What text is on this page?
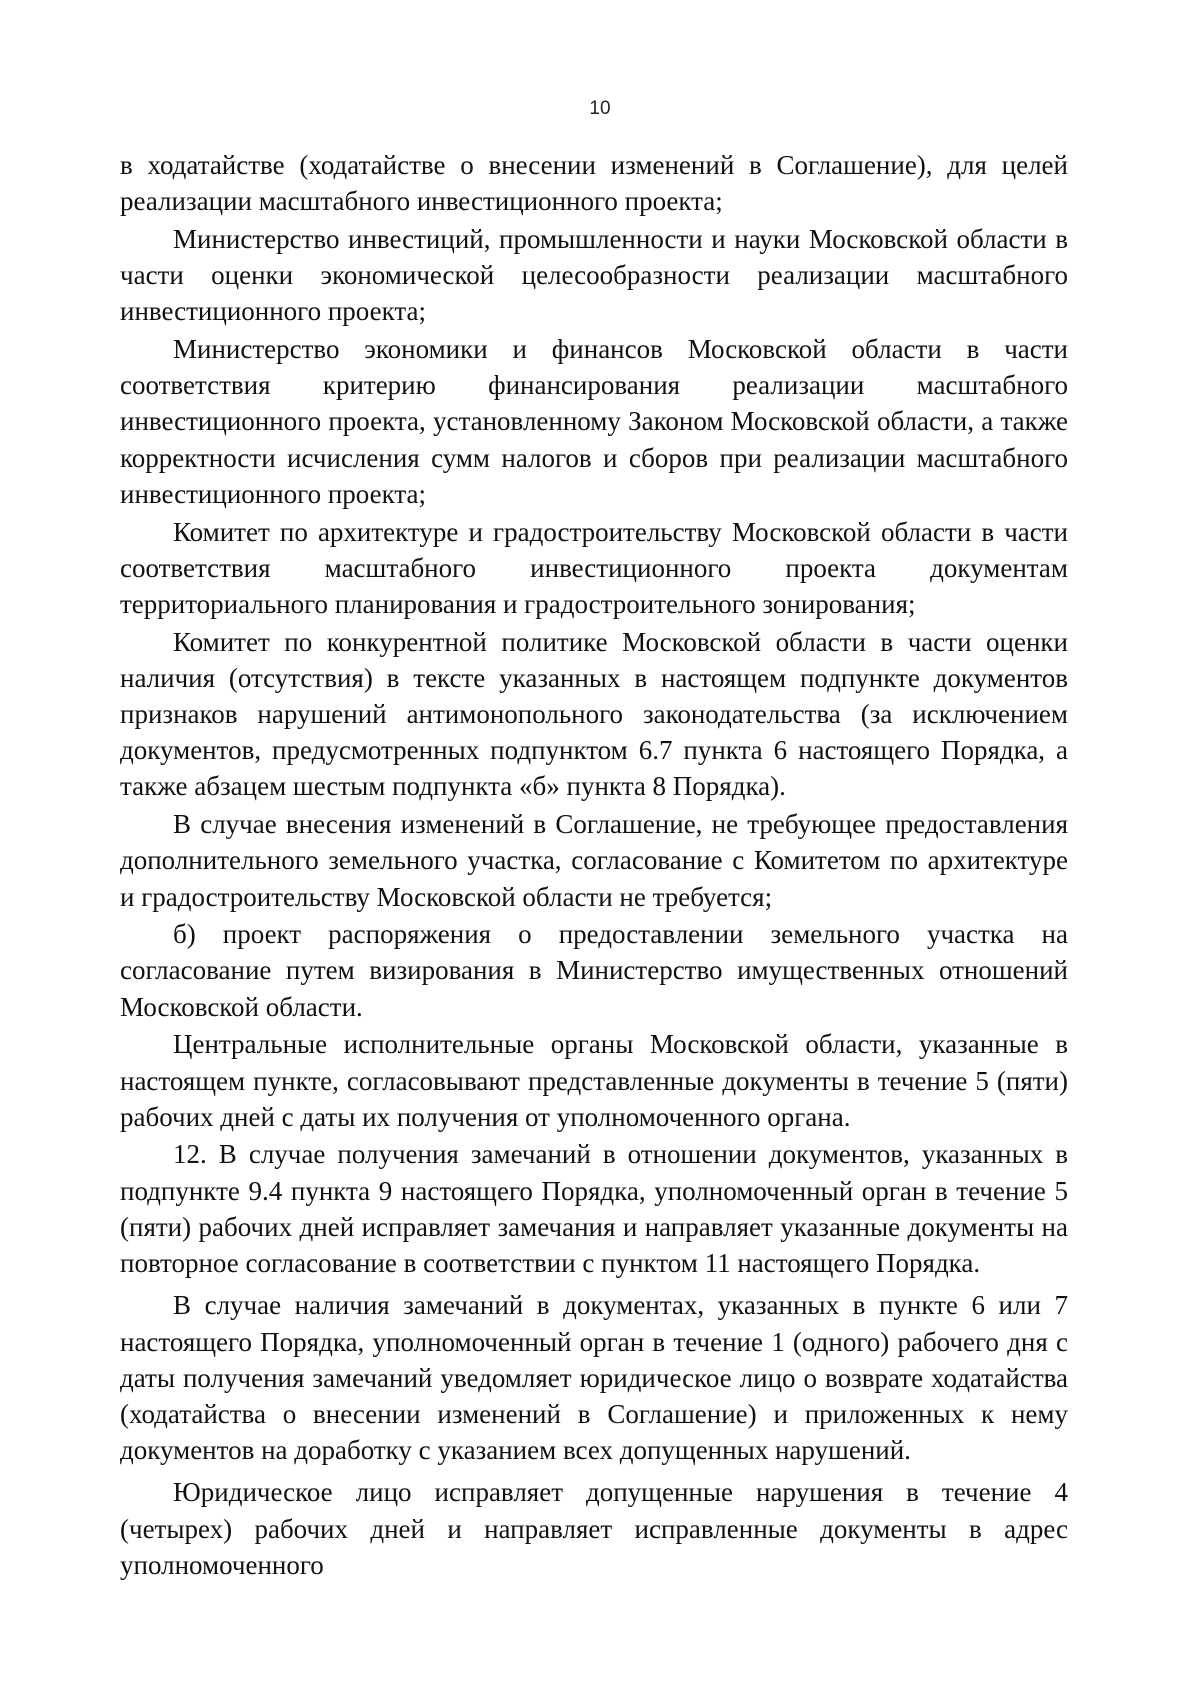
10

в ходатайстве (ходатайстве о внесении изменений в Соглашение), для целей реализации масштабного инвестиционного проекта;

Министерство инвестиций, промышленности и науки Московской области в части оценки экономической целесообразности реализации масштабного инвестиционного проекта;

Министерство экономики и финансов Московской области в части соответствия критерию финансирования реализации масштабного инвестиционного проекта, установленному Законом Московской области, а также корректности исчисления сумм налогов и сборов при реализации масштабного инвестиционного проекта;

Комитет по архитектуре и градостроительству Московской области в части соответствия масштабного инвестиционного проекта документам территориального планирования и градостроительного зонирования;

Комитет по конкурентной политике Московской области в части оценки наличия (отсутствия) в тексте указанных в настоящем подпункте документов признаков нарушений антимонопольного законодательства (за исключением документов, предусмотренных подпунктом 6.7 пункта 6 настоящего Порядка, а также абзацем шестым подпункта «б» пункта 8 Порядка).

В случае внесения изменений в Соглашение, не требующее предоставления дополнительного земельного участка, согласование с Комитетом по архитектуре и градостроительству Московской области не требуется;

б) проект распоряжения о предоставлении земельного участка на согласование путем визирования в Министерство имущественных отношений Московской области.

Центральные исполнительные органы Московской области, указанные в настоящем пункте, согласовывают представленные документы в течение 5 (пяти) рабочих дней с даты их получения от уполномоченного органа.

12. В случае получения замечаний в отношении документов, указанных в подпункте 9.4 пункта 9 настоящего Порядка, уполномоченный орган в течение 5 (пяти) рабочих дней исправляет замечания и направляет указанные документы на повторное согласование в соответствии с пунктом 11 настоящего Порядка.

В случае наличия замечаний в документах, указанных в пункте 6 или 7 настоящего Порядка, уполномоченный орган в течение 1 (одного) рабочего дня с даты получения замечаний уведомляет юридическое лицо о возврате ходатайства (ходатайства о внесении изменений в Соглашение) и приложенных к нему документов на доработку с указанием всех допущенных нарушений.

Юридическое лицо исправляет допущенные нарушения в течение 4 (четырех) рабочих дней и направляет исправленные документы в адрес уполномоченного
